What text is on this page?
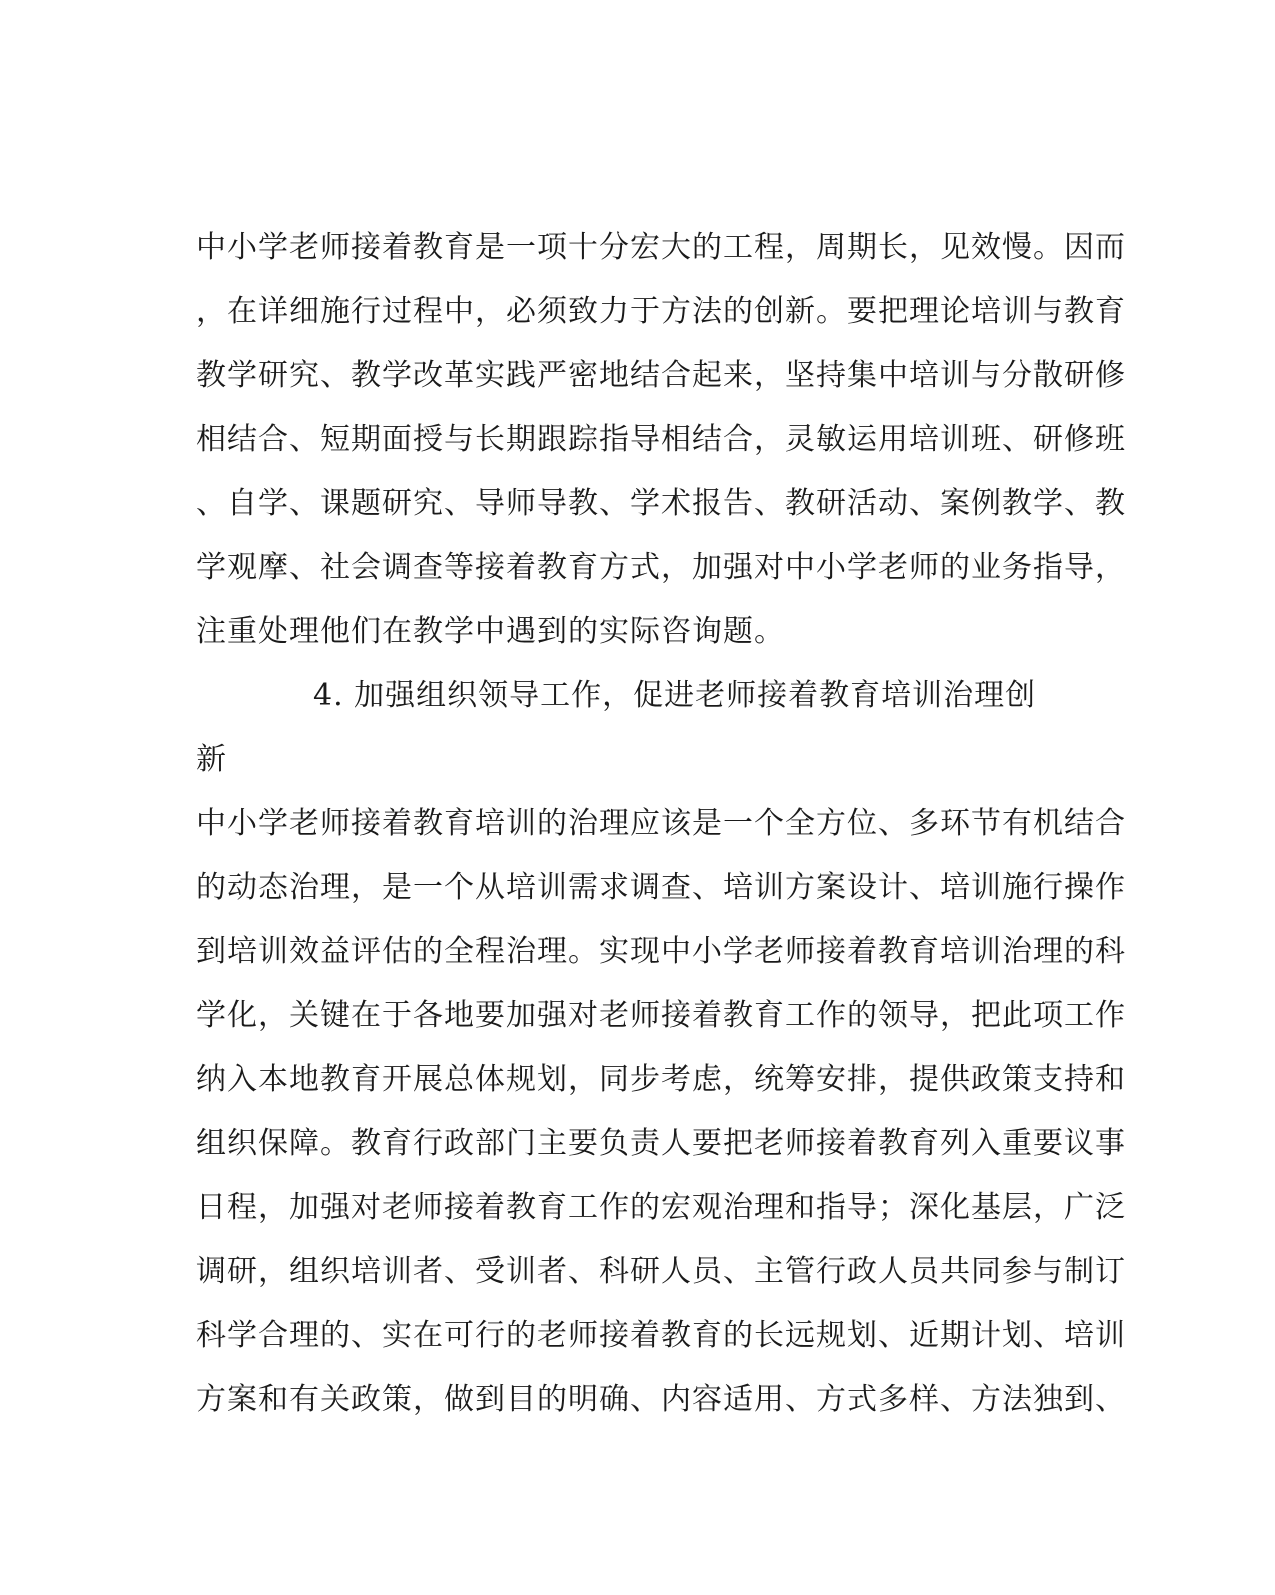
中小学老师接着教育是一项十分宏大的工程，周期长，见效慢。因而
，在详细施行过程中，必须致力于方法的创新。要把理论培训与教育
教学研究、教学改革实践严密地结合起来，坚持集中培训与分散研修
相结合、短期面授与长期跟踪指导相结合，灵敏运用培训班、研修班
、自学、课题研究、导师导教、学术报告、教研活动、案例教学、教
学观摩、社会调查等接着教育方式，加强对中小学老师的业务指导，
注重处理他们在教学中遇到的实际咨询题。
4. 加强组织领导工作，促进老师接着教育培训治理创新
中小学老师接着教育培训的治理应该是一个全方位、多环节有机结合
的动态治理，是一个从培训需求调查、培训方案设计、培训施行操作
到培训效益评估的全程治理。实现中小学老师接着教育培训治理的科
学化，关键在于各地要加强对老师接着教育工作的领导，把此项工作
纳入本地教育开展总体规划，同步考虑，统筹安排，提供政策支持和
组织保障。教育行政部门主要负责人要把老师接着教育列入重要议事
日程，加强对老师接着教育工作的宏观治理和指导；深化基层，广泛
调研，组织培训者、受训者、科研人员、主管行政人员共同参与制订
科学合理的、实在可行的老师接着教育的长远规划、近期计划、培训
方案和有关政策，做到目的明确、内容适用、方式多样、方法独到、
